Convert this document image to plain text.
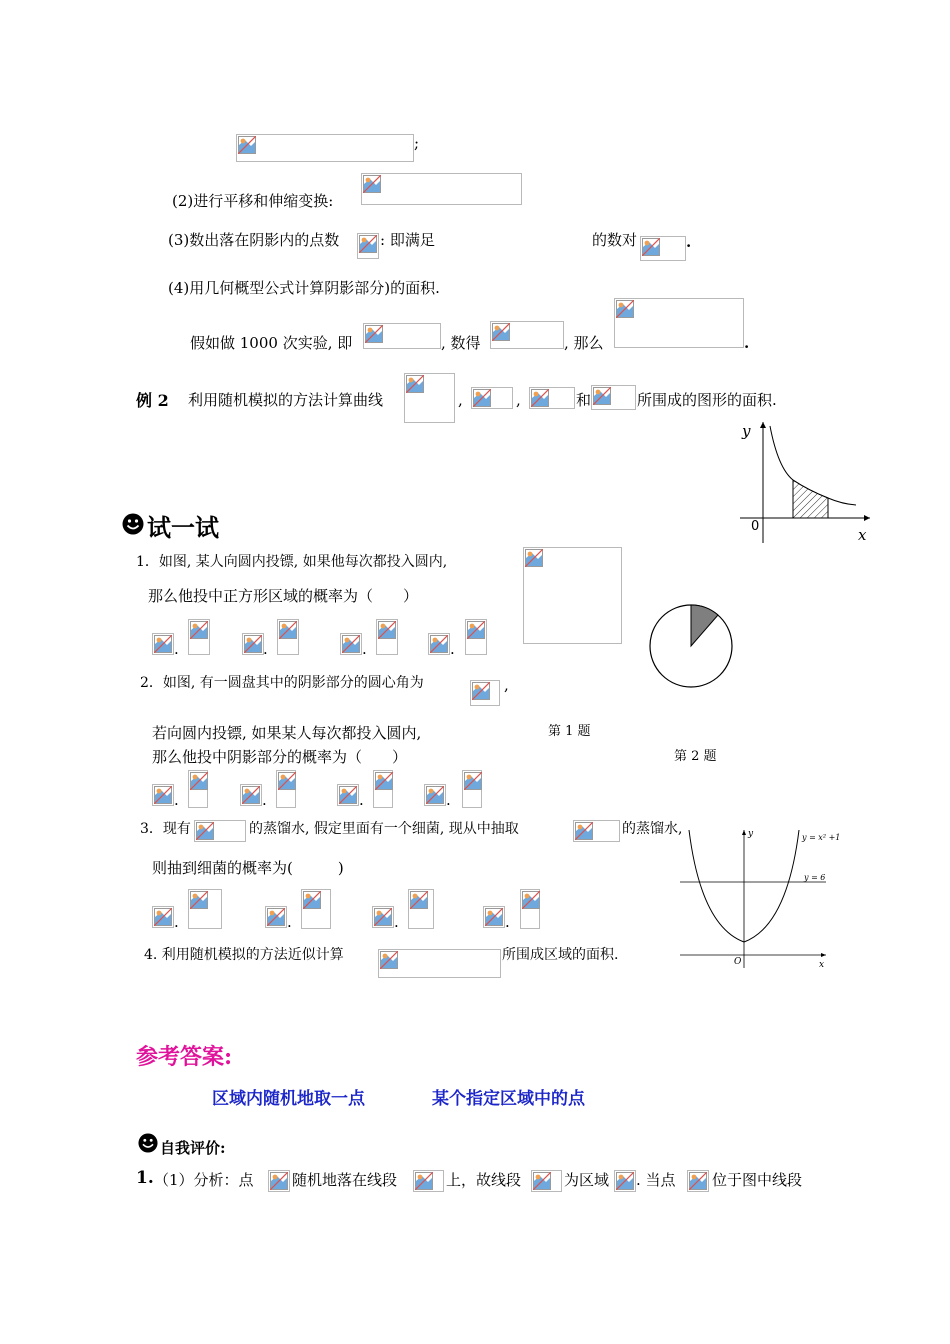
;
(2)进行平移和伸缩变换:
(3)数出落在阴影内的点数	: 即满足	的数对	.
(4)用几何概型公式计算阴影部分)的面积.
假如做 1000 次实验, 即	, 数得	, 那么	.
例 2 利用随机模拟的方法计算曲线	,	,	和	所围成的图形的面积.
y
x
0
试一试
1．如图, 某人向圆内投镖, 如果他每次都投入圆内,
那么他投中正方形区域的概率为（　　）
.	.	.	.
2．如图, 有一圆盘其中的阴影部分的圆心角为	,
若向圆内投镖, 如果某人每次都投入圆内,	第 1 题
那么他投中阴影部分的概率为（　　）	第 2 题
.	.	.	.
3．现有	的蒸馏水, 假定里面有一个细菌, 现从中抽取	的蒸馏水,
则抽到细菌的概率为(　　　)
.	.	.	.
y = x² +1
y = 6
y
x
O
4. 利用随机模拟的方法近似计算	所围成区域的面积.
参考答案:
区域内随机地取一点	某个指定区域中的点
自我评价:
1. （1）分析：点	随机地落在线段	上，故线段	为区域 . 当点 位于图中线段
